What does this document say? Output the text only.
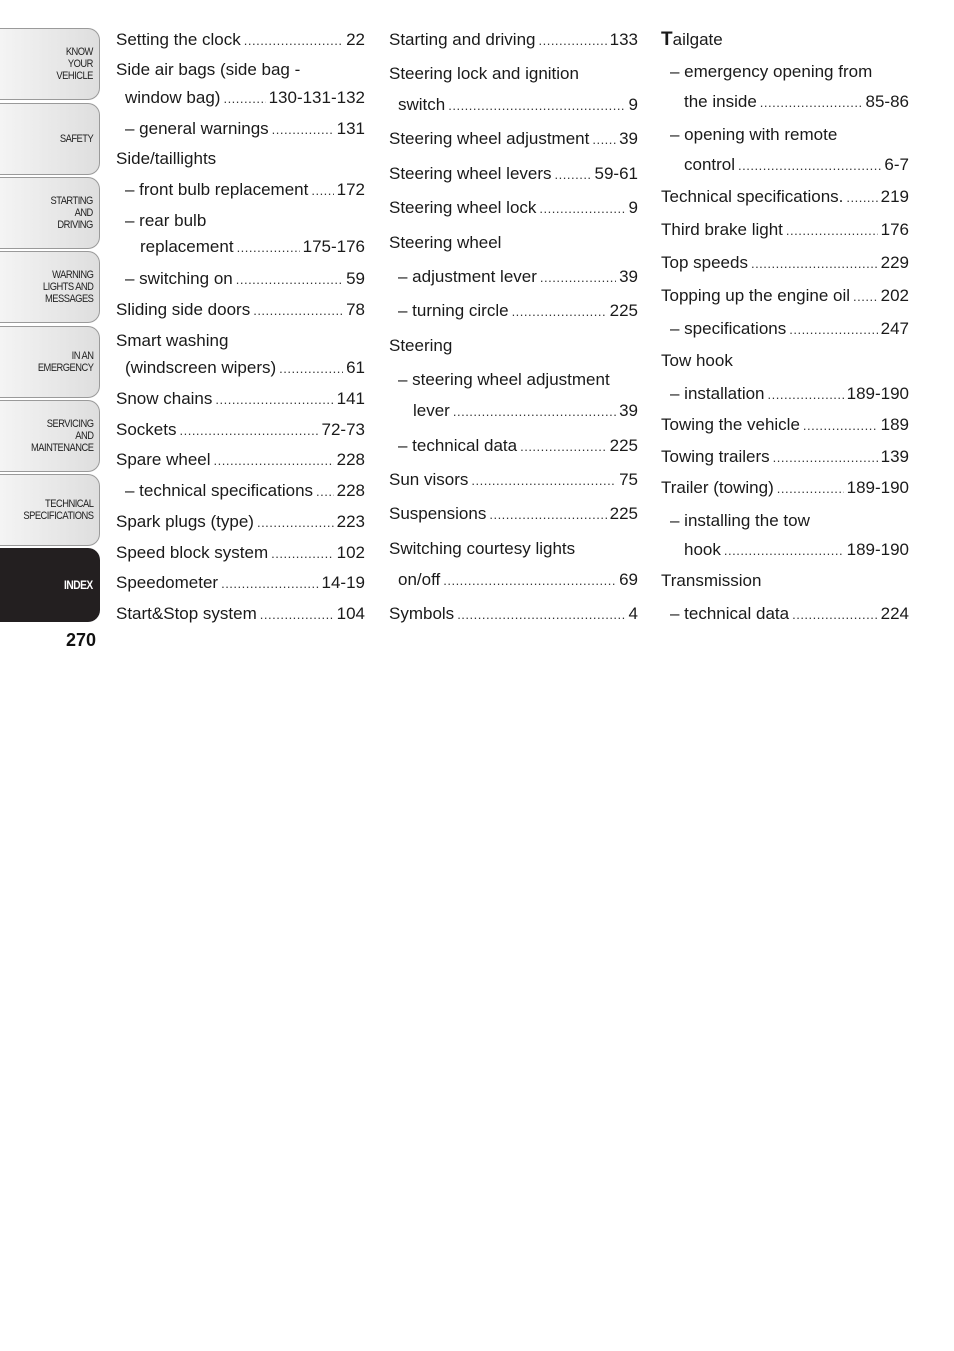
KNOW
YOUR
VEHICLE
SAFETY
STARTING
AND
DRIVING
WARNING
LIGHTS AND
MESSAGES
IN AN
EMERGENCY
SERVICING
AND
MAINTENANCE
TECHNICAL
SPECIFICATIONS
INDEX
270
Setting the clock .....	22
Side air bags (side bag -
window bag) .....	130-131-132
– general warnings .....	131
Side/taillights
– front bulb replacement ..... 172
– rear bulb
replacement .....	175-176
– switching on .....	59
Sliding side doors .....	78
Smart washing
(windscreen wipers) .....	61
Snow chains .....	141
Sockets .....	72-73
Spare wheel .....	228
– technical specifications ..... 228
Spark plugs (type) .....	223
Speed block system .....	102
Speedometer .....	14-19
Start&Stop system .....	104
Starting and driving .....	133
Steering lock and ignition
switch .....	9
Steering wheel adjustment ..... 39
Steering wheel levers .....	59-61
Steering wheel lock .....	9
Steering wheel
– adjustment lever .....	39
– turning circle .....	225
Steering
– steering wheel adjustment
lever .....	39
– technical data .....	225
Sun visors .....	75
Suspensions .....	225
Switching courtesy lights
on/off .....	69
Symbols .....	4
Tailgate
– emergency opening from
the inside .....	85-86
– opening with remote
control .....	6-7
Technical specifications. ..... 219
Third brake light .....	176
Top speeds .....	229
Topping up the engine oil ..... 202
– specifications .....	247
Tow hook
– installation .....	189-190
Towing the vehicle .....	189
Towing trailers .....	139
Trailer (towing) .....	189-190
– installing the tow
hook .....	189-190
Transmission
– technical data .....	224
